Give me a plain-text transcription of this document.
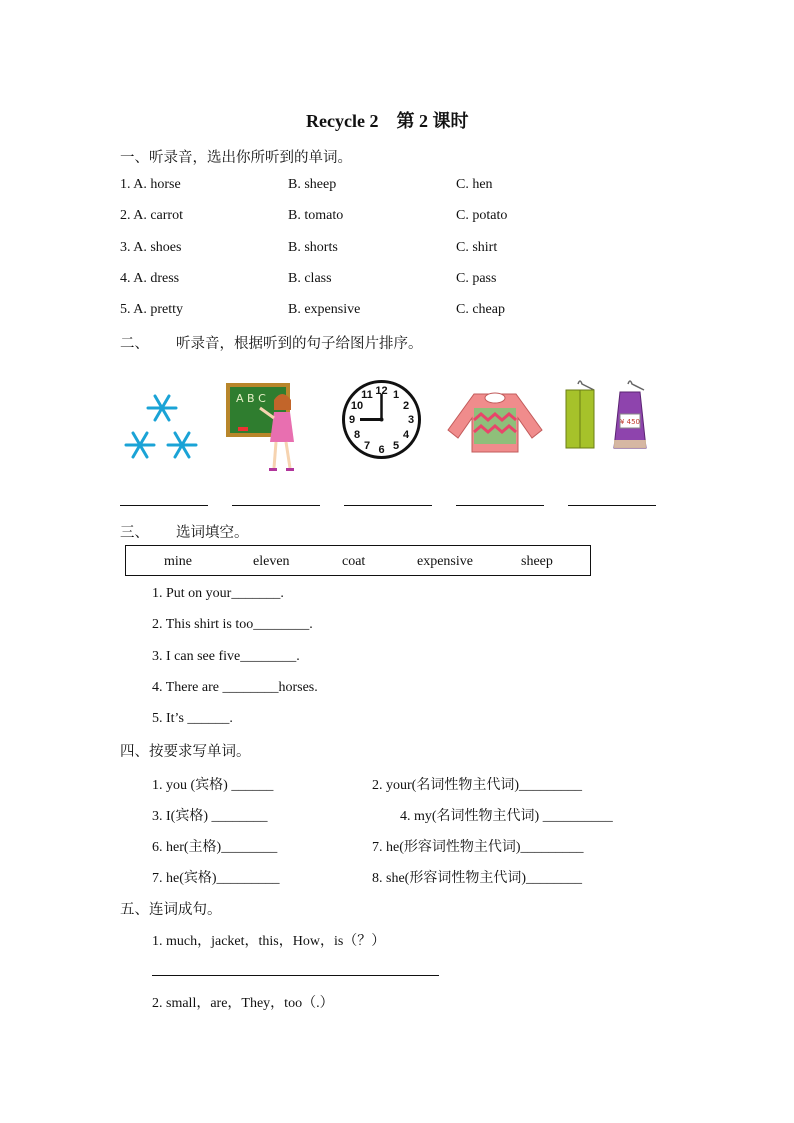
Recycle 2　第 2 课时
一、听录音，选出你所听到的单词。
1. A. horse	B. sheep	C. hen
2. A. carrot	B. tomato	C. potato
3. A. shoes	B. shorts	C. shirt
4. A. dress	B. class	C. pass
5. A. pretty	B. expensive	C. cheap
二、 听录音，根据听到的句子给图片排序。
A B C
12 1
2
3
4
5
6
7
8
9
10
11
¥ 450
三、 选词填空。
mine	eleven	coat	expensive	sheep
1. Put on your_______.
2. This shirt is too________.
3. I can see five________.
4. There are ________horses.
5. It’s ______.
四、按要求写单词。
1. you (宾格) ______	2. your(名词性物主代词)_________
3. I(宾格) ________	4. my(名词性物主代词) __________
6. her(主格)________	7. he(形容词性物主代词)_________
7. he(宾格)_________	8. she(形容词性物主代词)________
五、连词成句。
1. much，jacket，this，How，is（？）
2. small，are，They，too（.）
